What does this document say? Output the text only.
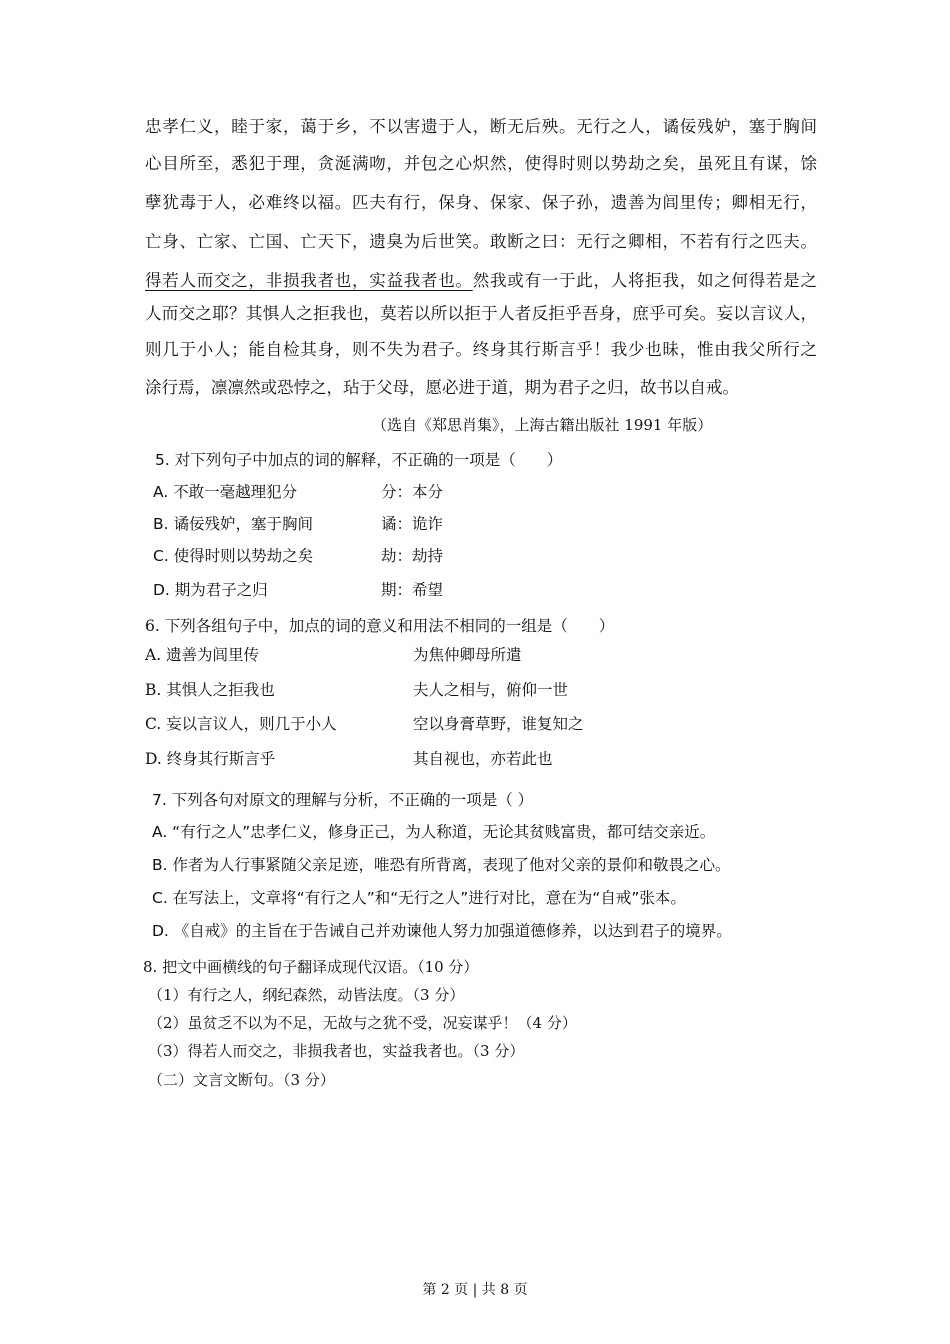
忠孝仁义，睦于家，蔼于乡，不以害遗于人，断无后殃。无行之人，谲佞残妒，塞于胸间
心目所至，悉犯于理，贪涎满吻，并包之心炽然，使得时则以势劫之矣，虽死且有谋，馀
孽犹毒于人，必难终以福。匹夫有行，保身、保家、保子孙，遗善为闾里传；卿相无行，
亡身、亡家、亡国、亡天下，遗臭为后世笑。敢断之曰：无行之卿相，不若有行之匹夫。
得若人而交之，非损我者也，实益我者也。然我或有一于此，人将拒我，如之何得若是之
人而交之耶？其惧人之拒我也，莫若以所以拒于人者反拒乎吾身，庶乎可矣。妄以言议人，
则几于小人；能自检其身，则不失为君子。终身其行斯言乎！我少也昧，惟由我父所行之
涂行焉，凛凛然或恐悖之，玷于父母，愿必进于道，期为君子之归，故书以自戒。
（选自《郑思肖集》，上海古籍出版社 1991 年版）
5. 对下列句子中加点的词的解释，不正确的一项是（　　）
A. 不敢一毫越理犯分	分：本分
B. 谲佞残妒，塞于胸间	谲：诡诈
C. 使得时则以势劫之矣	劫：劫持
D. 期为君子之归	期：希望
6. 下列各组句子中，加点的词的意义和用法不相同的一组是（　　）
A. 遗善为闾里传	为焦仲卿母所遣
B. 其惧人之拒我也	夫人之相与，俯仰一世
C. 妄以言议人，则几于小人	空以身膏草野，谁复知之
D. 终身其行斯言乎	其自视也，亦若此也
7. 下列各句对原文的理解与分析，不正确的一项是（ ）
A. “有行之人”忠孝仁义，修身正己，为人称道，无论其贫贱富贵，都可结交亲近。
B. 作者为人行事紧随父亲足迹，唯恐有所背离，表现了他对父亲的景仰和敬畏之心。
C. 在写法上，文章将“有行之人”和“无行之人”进行对比，意在为“自戒”张本。
D. 《自戒》的主旨在于告诫自己并劝谏他人努力加强道德修养，以达到君子的境界。
8. 把文中画横线的句子翻译成现代汉语。（10 分）
（1）有行之人，纲纪森然，动皆法度。（3 分）
（2）虽贫乏不以为不足，无故与之犹不受，况妄谋乎！（4 分）
（3）得若人而交之，非损我者也，实益我者也。（3 分）
（二）文言文断句。（3 分）
第 2 页 | 共 8 页
